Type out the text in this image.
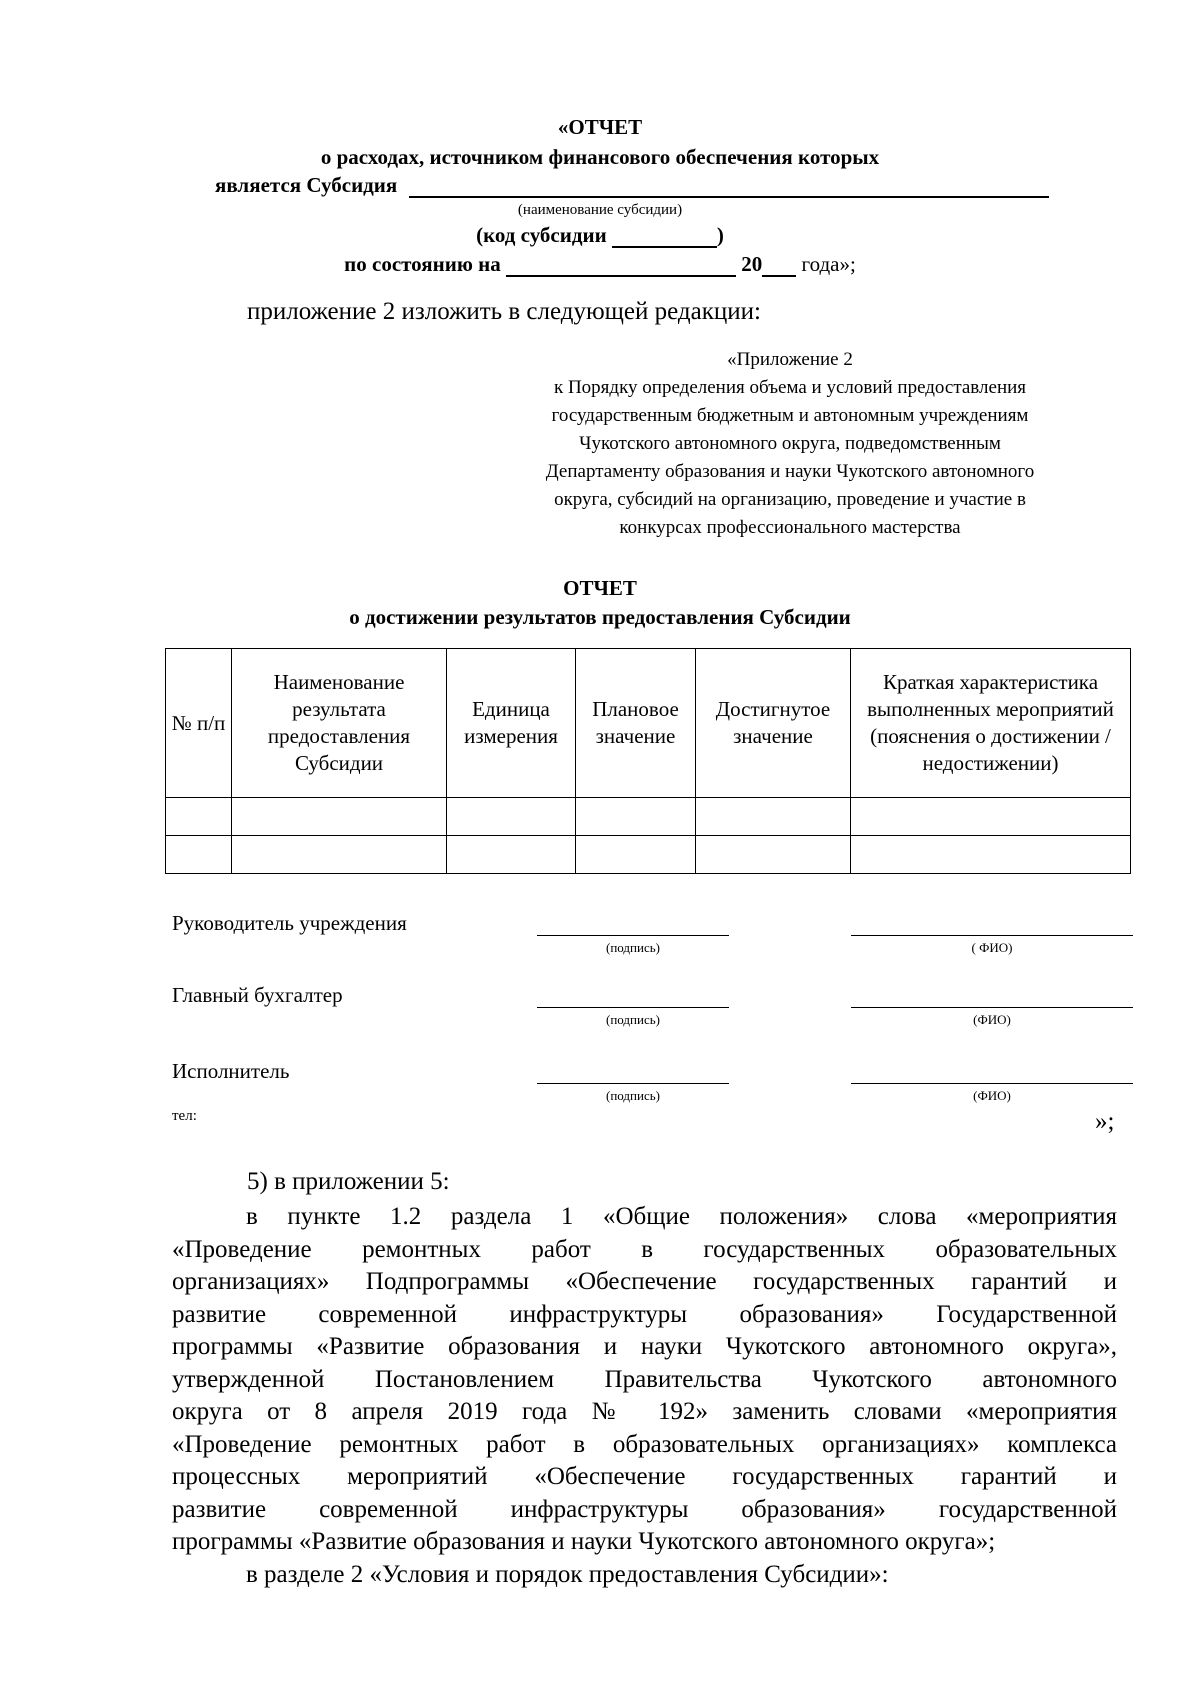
«ОТЧЕТ
о расходах, источником финансового обеспечения которых
является Субсидия
(наименование субсидии)
(код субсидии	)
по состоянию на	20 года»;
приложение 2 изложить в следующей редакции:
«Приложение 2
к Порядку определения объема и условий предоставления
государственным бюджетным и автономным учреждениям
Чукотского автономного округа, подведомственным
Департаменту образования и науки Чукотского автономного
округа, субсидий на организацию, проведение и участие в
конкурсах профессионального мастерства
ОТЧЕТ
о достижении результатов предоставления Субсидии
№ п/п	Наименование результата предоставления Субсидии	Единица измерения	Плановое значение	Достигнутое значение	Краткая характеристика выполненных мероприятий (пояснения о достижении / недостижении)

Руководитель учреждения
(подпись)	( ФИО)
Главный бухгалтер
(подпись)	(ФИО)
Исполнитель
(подпись)	(ФИО)
тел:	»;
5) в приложении 5:
в пункте 1.2 раздела 1 «Общие положения» слова «мероприятия
«Проведение ремонтных работ в государственных образовательных
организациях» Подпрограммы «Обеспечение государственных гарантий и
развитие современной инфраструктуры образования» Государственной
программы «Развитие образования и науки Чукотского автономного округа»,
утвержденной Постановлением Правительства Чукотского автономного
округа от 8 апреля 2019 года № 192» заменить словами «мероприятия
«Проведение ремонтных работ в образовательных организациях» комплекса
процессных мероприятий «Обеспечение государственных гарантий и
развитие современной инфраструктуры образования» государственной
программы «Развитие образования и науки Чукотского автономного округа»;
в разделе 2 «Условия и порядок предоставления Субсидии»:
